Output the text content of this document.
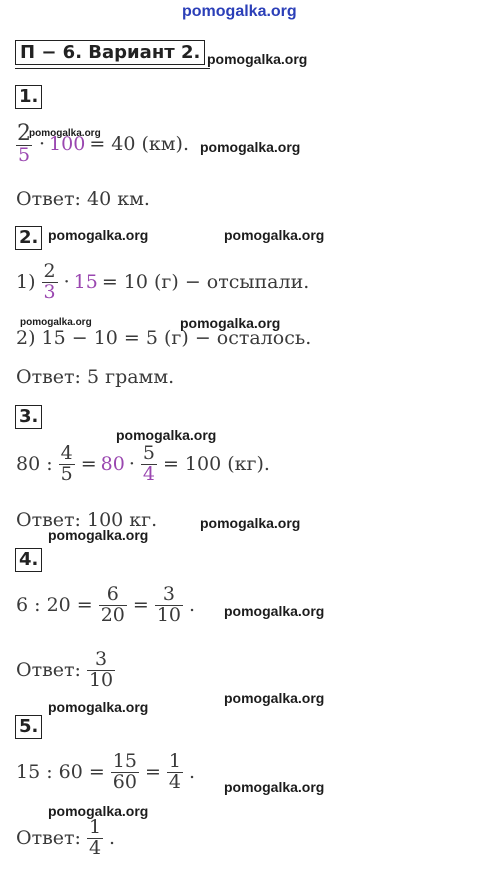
pomogalka.org
П − 6. Вариант 2. pomogalka.org
1.
$\frac{2}{5} \cdot 100 = 40$ (км).
pomogalka.org
pomogalka.org
Ответ: 40 км.
2. pomogalka.org	pomogalka.org
$1) \frac{2}{3} \cdot 15 = 10$ (г) − отсыпали.
pomogalka.org	pomogalka.org
2) 15 − 10 = 5 (г) − осталось.
Ответ: 5 грамм.
3.
pomogalka.org
80 : $\frac{4}{5} = 80 \cdot \frac{5}{4} = 100$ (кг).
Ответ: 100 кг.	pomogalka.org
pomogalka.org
4.
6 : $20 = \frac{6}{20} = \frac{3}{10}$ . pomogalka.org
Ответ: $\frac{3}{10}$
pomogalka.org
pomogalka.org
5.
15 : $60 = \frac{15}{60} = \frac{1}{4}$ .
pomogalka.org
pomogalka.org
Ответ: $\frac{1}{4}$ .
